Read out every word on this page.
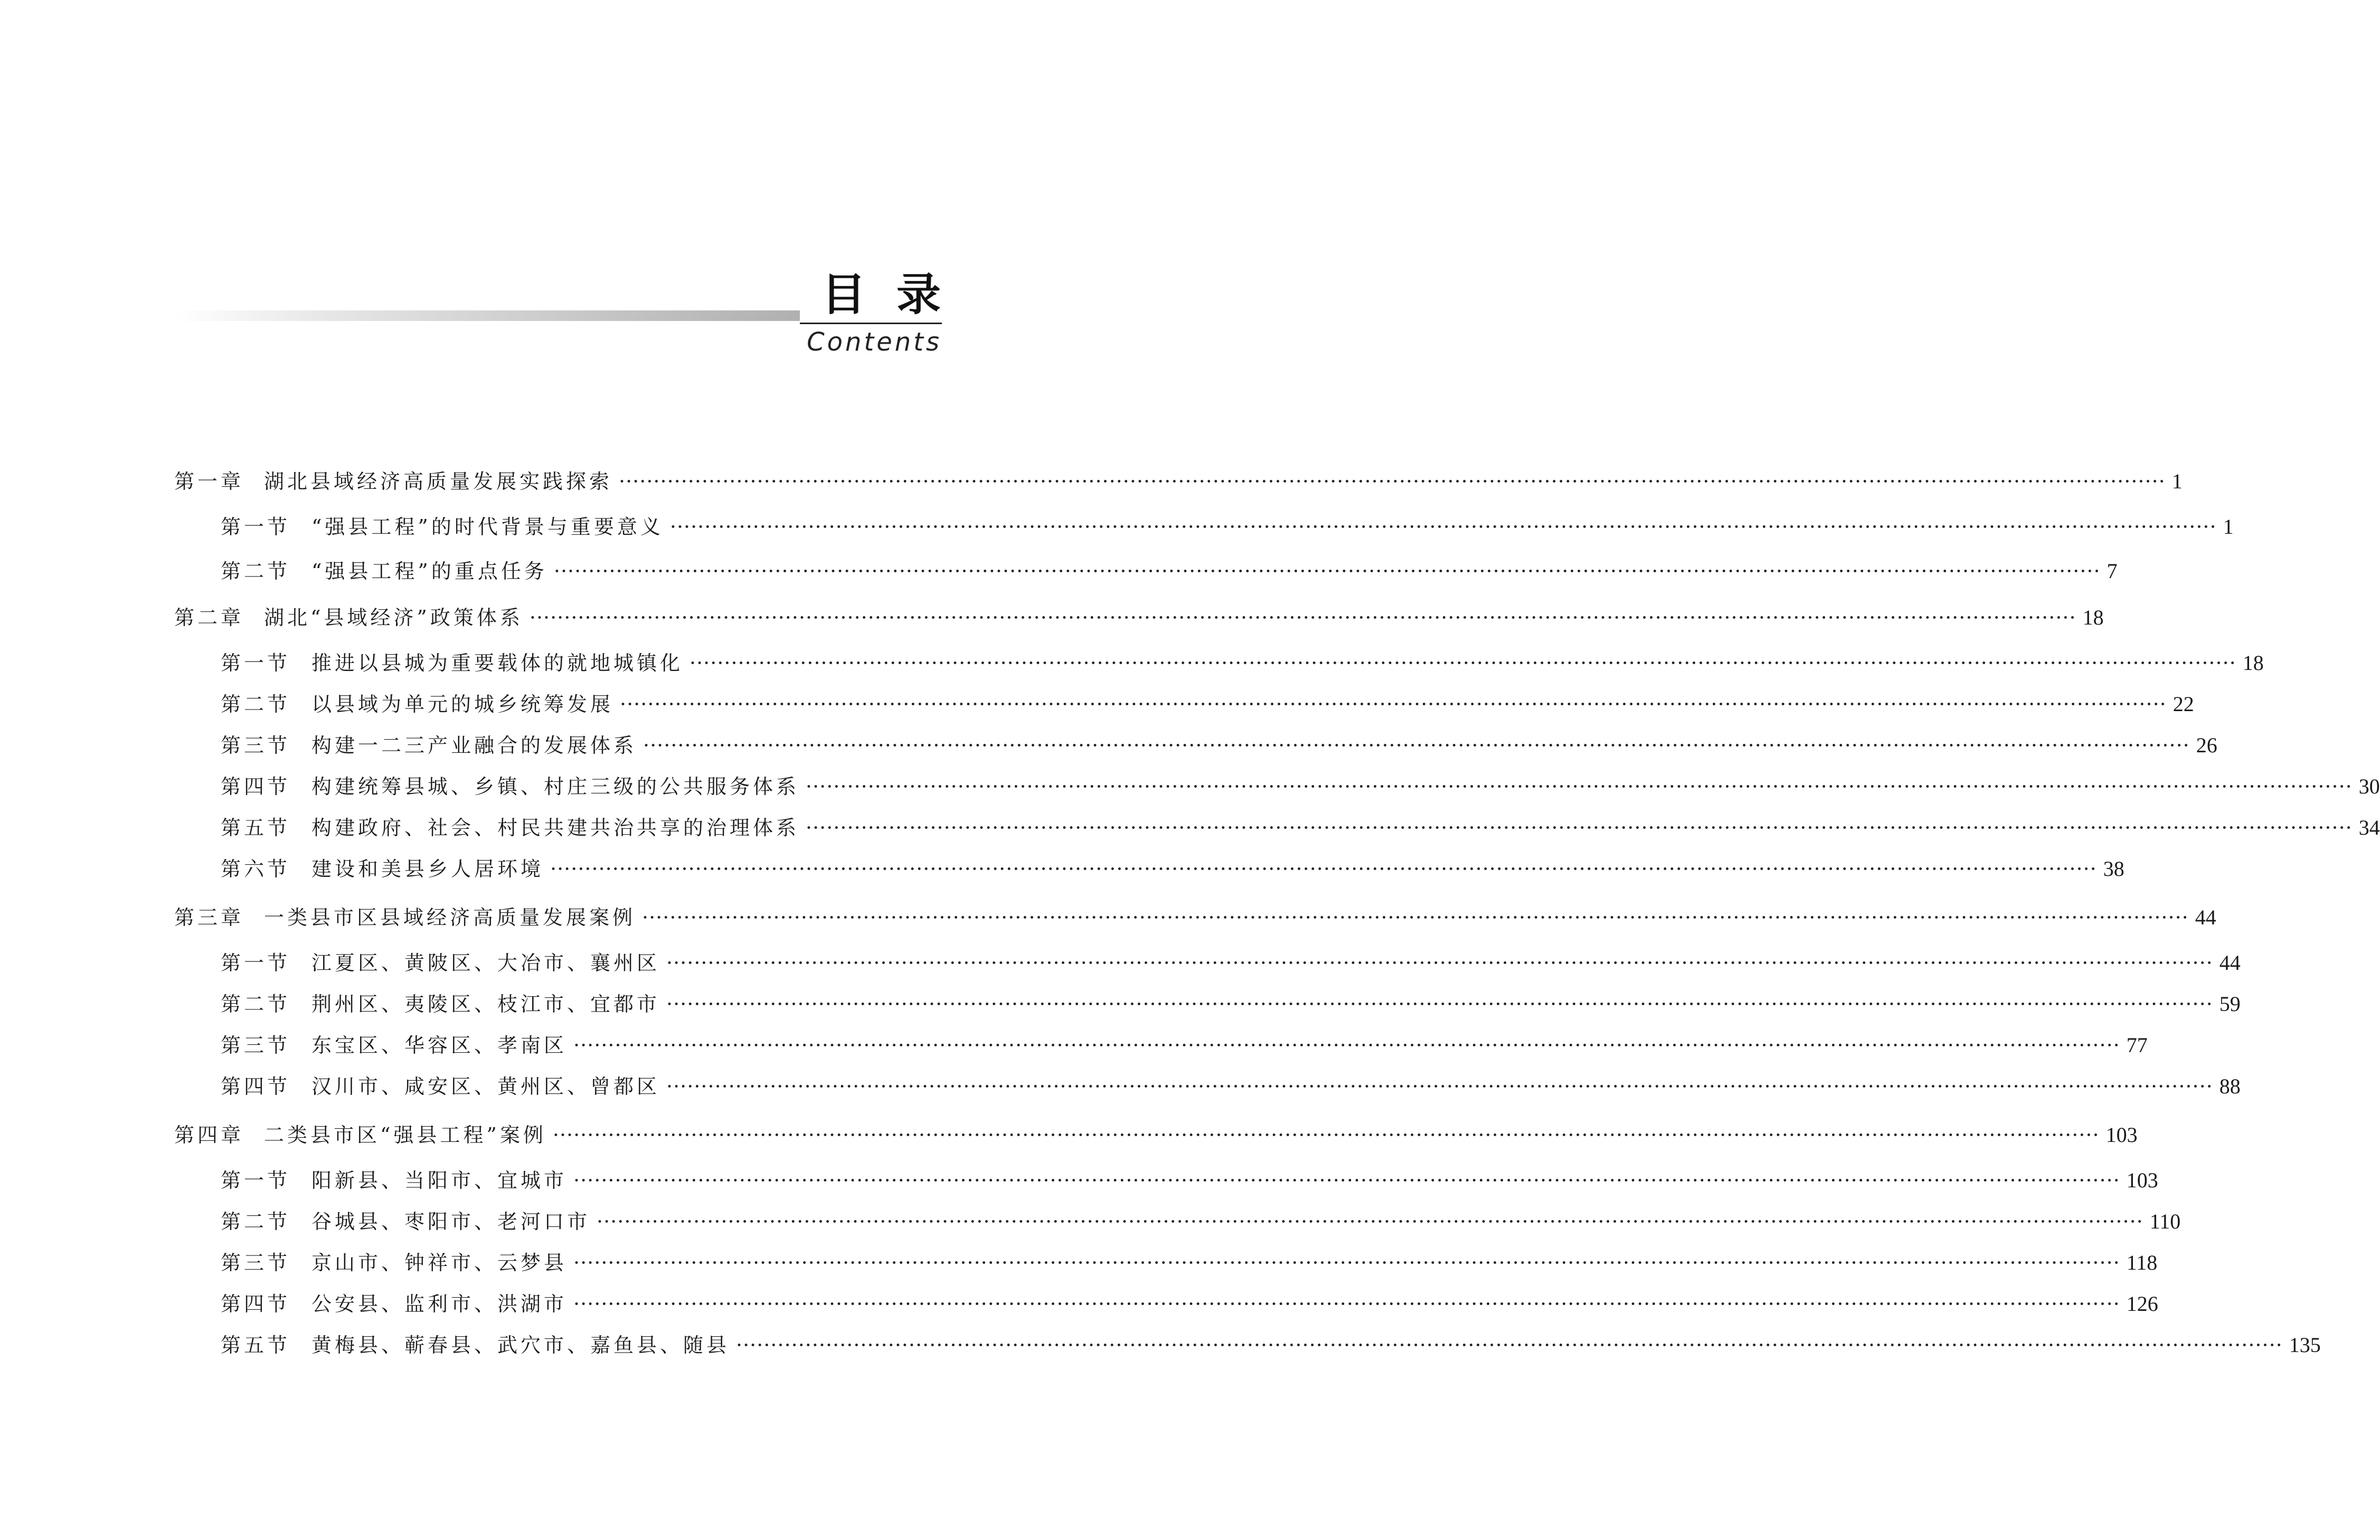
目录
Contents
第一章 湖北县域经济高质量发展实践探索 ·····	1
第一节	“强县工程”的时代背景与重要意义 ·····	1
第二节	“强县工程”的重点任务 ·····	7
第二章 湖北“县域经济”政策体系 ·····	18
第一节	推进以县城为重要载体的就地城镇化 ·····	18
第二节	以县域为单元的城乡统筹发展 ·····	22
第三节	构建一二三产业融合的发展体系 ·····	26
第四节	构建统筹县城、乡镇、村庄三级的公共服务体系 ·····	30
第五节	构建政府、社会、村民共建共治共享的治理体系 ·····	34
第六节	建设和美县乡人居环境 ·····	38
第三章 一类县市区县域经济高质量发展案例 ·····	44
第一节	江夏区、黄陂区、大冶市、襄州区 ·····	44
第二节	荆州区、夷陵区、枝江市、宜都市 ·····	59
第三节	东宝区、华容区、孝南区 ·····	77
第四节	汉川市、咸安区、黄州区、曾都区 ·····	88
第四章 二类县市区“强县工程”案例 ·····	103
第一节	阳新县、当阳市、宜城市 ·····	103
第二节	谷城县、枣阳市、老河口市 ·····	110
第三节	京山市、钟祥市、云梦县 ·····	118
第四节	公安县、监利市、洪湖市 ·····	126
第五节	黄梅县、蕲春县、武穴市、嘉鱼县、随县 ·····	135
